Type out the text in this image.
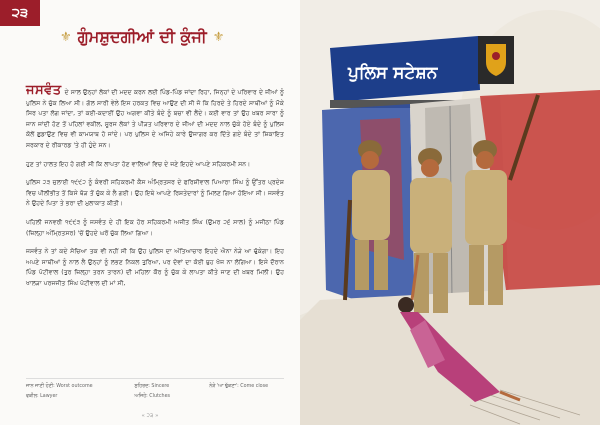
੨੩
⚜ ਗੁੰਮਸ਼ੁਦਗੀਆਂ ਦੀ ਕੁੰਜੀ ⚜

ਜਸਵੰਤ ਦੇ ਸਾਲ ਉਨ੍ਹਾਂ ਲੋਕਾਂ ਦੀ ਮਦਦ ਕਰਨ ਲਈ ਪਿੰਡ-ਪਿੰਡ ਜਾਂਦਾ ਰਿਹਾ, ਜਿਨ੍ਹਾਂ ਦੇ ਪਰਿਵਾਰ ਦੇ ਜੀਆਂ ਨੂੰ ਪੁਲਿਸ ਨੇ ਚੁੱਕ ਲਿਆ ਸੀ। ਗੱਲ ਸਾਰੀ ਵੇਲੇ ਇਸ ਹਰਕਤ ਵਿਚ ਆਉਣ ਦੀ ਸੀ ਜੋ ਕਿ ਹਿਰਦੇ ਤੇ ਹਿਰਦੇ ਸਾਥੀਆਂ ਨੂੰ ਮੌਕੇ ਸਿਰ ਪਤਾ ਲੱਗ ਜਾਂਦਾ, ਤਾਂ ਕਈ-ਕਦਾਈਂ ਉਹ ਅਗਵਾ ਕੀਤੇ ਬੰਦੇ ਨੂੰ ਬਚਾ ਵੀ ਲੈਂਦੇ। ਕਈ ਵਾਰ ਤਾਂ ਉਹ ਖ਼ਬਰ ਸਾਰਾ ਨੂੰ ਜਾਨ ਜਾਂਦੀ ਹੋਣ ਤੋਂ ਪਹਿਲਾਂ ਵਕੀਲ, ਸੂਰਜ ਲੋਕਾਂ ਤੇ ਪੀੜਤ ਪਰਿਵਾਰ ਦੇ ਜੀਆਂ ਦੀ ਮਦਦ ਨਾਲ ਚੁੱਕੇ ਹੋਏ ਬੰਦੇ ਨੂੰ ਪੁਲਿਸ ਕੋਲੋਂ ਛੁਡਾਉਣ ਵਿਚ ਵੀ ਕਾਮਯਾਬ ਹੋ ਜਾਂਦੇ। ਪਰ ਪੁਲਿਸ ਦੇ ਅਜਿਹੇ ਕਾਰੇ ਉਜਾਗਰ ਕਰ ਦਿੱਤੇ ਗਏ ਬੰਦੇ ਤਾਂ ਸ਼ਿਕਾਇਤ ਸਰਕਾਰ ਦੇ ਰੀਕਾਰਡ 'ਤੇ ਹੀ ਹੁੰਦੇ ਸਨ।

ਹੁਣ ਤਾਂ ਹਾਲਤ ਇਹ ਹੋ ਗਈ ਸੀ ਕਿ ਲਾਪਤਾ ਹੋਣ ਵਾਲਿਆਂ ਵਿਚ ਦੇ ਜਣੇ ਇਹਦੇ ਆਪਣੇ ਸਹਿਕਰਮੀ ਸਨ।

ਪੁਲਿਸ ੨੩ ਜੁਲਾਈ ੧੯੯੨ ਨੂੰ ਕੰਵਰੀ ਸਹਿਕਰਮੀ ਕੈਸ ਅੰਮ੍ਰਿਤਸਰ ਦੇ ਫਰਿਸ਼ੀਵਾਲ ਪਿਆਰਾ ਸਿੰਘ ਨੂੰ ਉੱਤਰ ਪ੍ਰਦੇਸ਼ ਵਿਚ ਪੀਲੀਭੀਤ ਤੋਂ ਕਿਸੇ ਥੋੜ ਤੋਂ ਚੁੱਕ ਕੇ ਲੈ ਗਈ। ਉਹ ਇਥੇ ਆਪਣੇ ਰਿਸ਼ਤੇਦਾਰਾਂ ਨੂੰ ਮਿਲਣ ਗਿਆ ਹੋਇਆ ਸੀ। ਜਸਵੰਤ ਨੇ ਉਹਦੇ ਪਿਤਾ ਤੇ ਭਰਾ ਦੀ ਮੁਲਾਕਾਤ ਕੀਤੀ।

ਪਹਿਲੀ ਜਨਵਰੀ ੧੯੯੩ ਨੂੰ ਜਸਵੰਤ ਦੇ ਹੀ ਇਕ ਹੋਰ ਸਹਿਕਰਮੀ ਅਜੀਤ ਸਿੰਘ (ਉਮਰ ੨੬ ਸਾਲ) ਨੂੰ ਮਜੀਠਾ ਪਿੰਡ (ਜ਼ਿਲ੍ਹਾ ਅੰਮ੍ਰਿਤਸਰ) 'ਚੋਂ ਉਹਦੇ ਘਰੋਂ ਚੁੱਕ ਲਿਆ ਗਿਆ।

ਜਸਵੰਤ ਨੇ ਤਾਂ ਕਦੇ ਸੋਚਿਆ ਤਕ ਵੀ ਨਹੀਂ ਸੀ ਕਿ ਉਹ ਪੁਲਿਸ ਦਾ ਅੱਤਿਆਚਾਰ ਇਹਦੇ ਐਨਾ ਨੇੜੇ ਆ ਢੁੱਕੇਗਾ। ਇਹ ਅਪਣੇ ਸਾਥੀਆਂ ਨੂੰ ਨਾਲ ਲੈ ਉਨ੍ਹਾਂ ਨੂੰ ਲਭਣ ਨਿਕਲ ਤੁਰਿਆ, ਪਰ ਦੋਵਾਂ ਦਾ ਕੋਈ ਥੁਹ ਖੋਜ ਨਾ ਲੱਗਿਆ। ਇਸੇ ਦੌਰਾਨ ਪਿੰਡ ਪੱਟੀਵਾਲ (ਤੁਰ ਜ਼ਿਲ੍ਹਾ ਤਰਨ ਤਾਰਨ) ਦੀ ਮਹਿਲਾ ਕੌਰ ਨੂੰ ਚੁੱਕ ਕੇ ਲਾਪਤਾ ਕੀਤੇ ਜਾਣ ਦੀ ਖ਼ਬਰ ਮਿਲੀ। ਉਹ ਖਾਲੜਾ ਪਰਜਜੀਤ ਸਿੰਘ ਪੱਟੀਵਾਲ ਦੀ ਮਾਂ ਸੀ,

ਜਾਨ ਜਾਣੀ ਹੋਣੀ: Worst outcome	ਸੁਹਿਰਦ: Sincere	ਨੇੜੇ 'ਆ ਢੁੱਕਣਾ': Come close
ਵਕੀਲ: Lawyer	ਅਜਿਹੇ: Clutches
« ੨੩ »
ਪੁਲਿਸ ਸਟੇਸ਼ਨ
